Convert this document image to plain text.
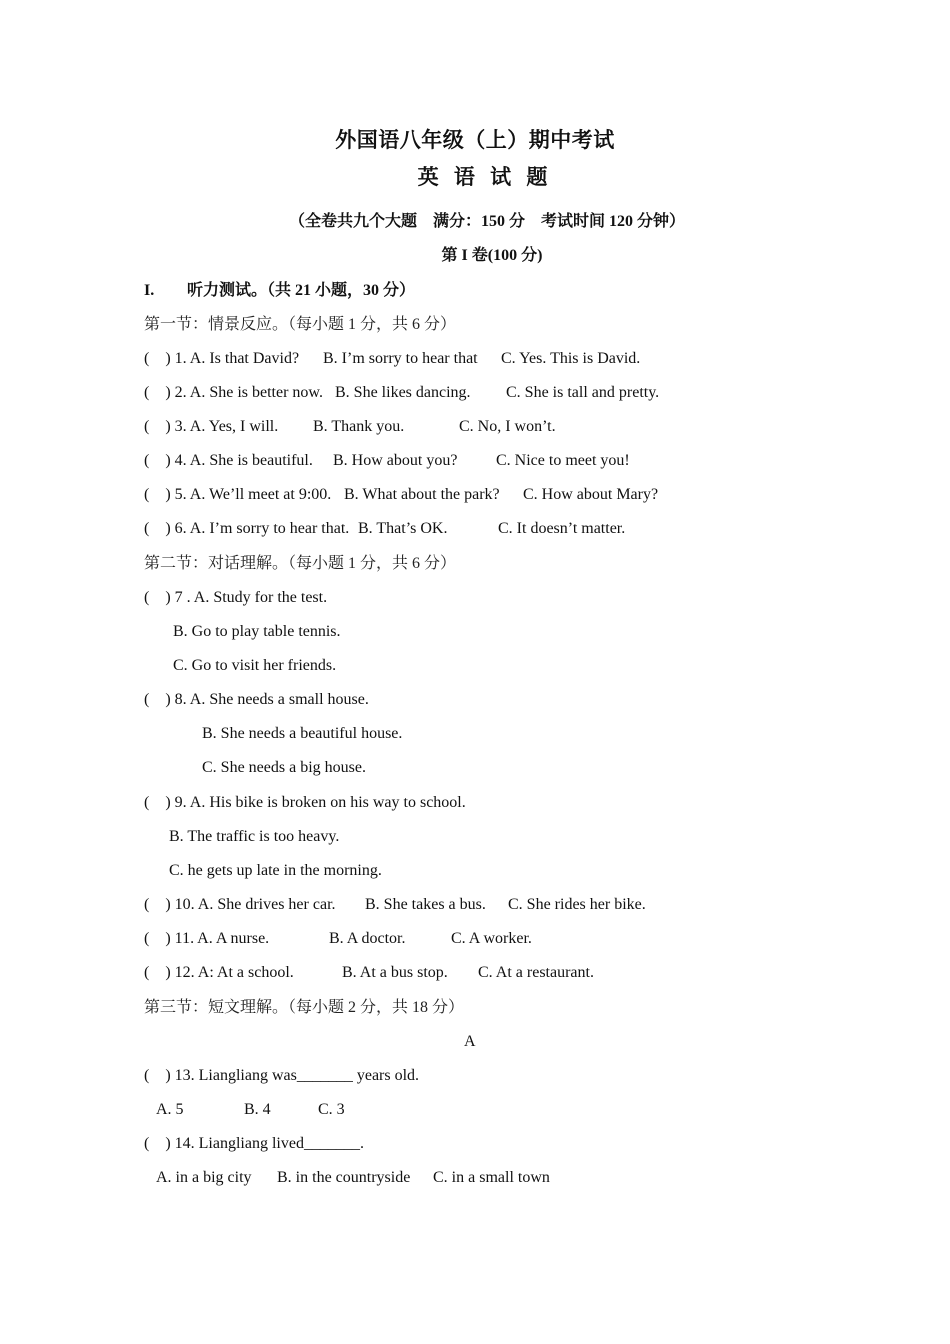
外国语八年级（上）期中考试
英 语 试 题
（全卷共九个大题　满分：150 分　考试时间 120 分钟）
第 I 卷(100 分)
I. 听力测试。（共 21 小题，30 分）
第一节：情景反应。（每小题 1 分，共 6 分）
(　) 1. A. Is that David? B. I’m sorry to hear that C. Yes. This is David.
(　) 2. A. She is better now. B. She likes dancing. C. She is tall and pretty.
(　) 3. A. Yes, I will. B. Thank you.	C. No, I won’t.
(　) 4. A. She is beautiful. B. How about you? C. Nice to meet you!
(　) 5. A. We’ll meet at 9:00. B. What about the park? C. How about Mary?
(　) 6. A. I’m sorry to hear that. B. That’s OK.	C. It doesn’t matter.
第二节：对话理解。（每小题 1 分，共 6 分）
(　) 7 . A. Study for the test.
B. Go to play table tennis.
C. Go to visit her friends.
(　) 8. A. She needs a small house.
B. She needs a beautiful house.
C. She needs a big house.
(　) 9. A. His bike is broken on his way to school.
B. The traffic is too heavy.
C. he gets up late in the morning.
(　) 10. A. She drives her car. B. She takes a bus. C. She rides her bike.
(　) 11. A. A nurse.	B. A doctor.	C. A worker.
(　) 12. A: At a school.	B. At a bus stop. C. At a restaurant.
第三节：短文理解。（每小题 2 分，共 18 分）
A
(　) 13. Liangliang was_______ years old.
A. 5	B. 4	C. 3
(　) 14. Liangliang lived_______.
A. in a big city B. in the countryside C. in a small town
